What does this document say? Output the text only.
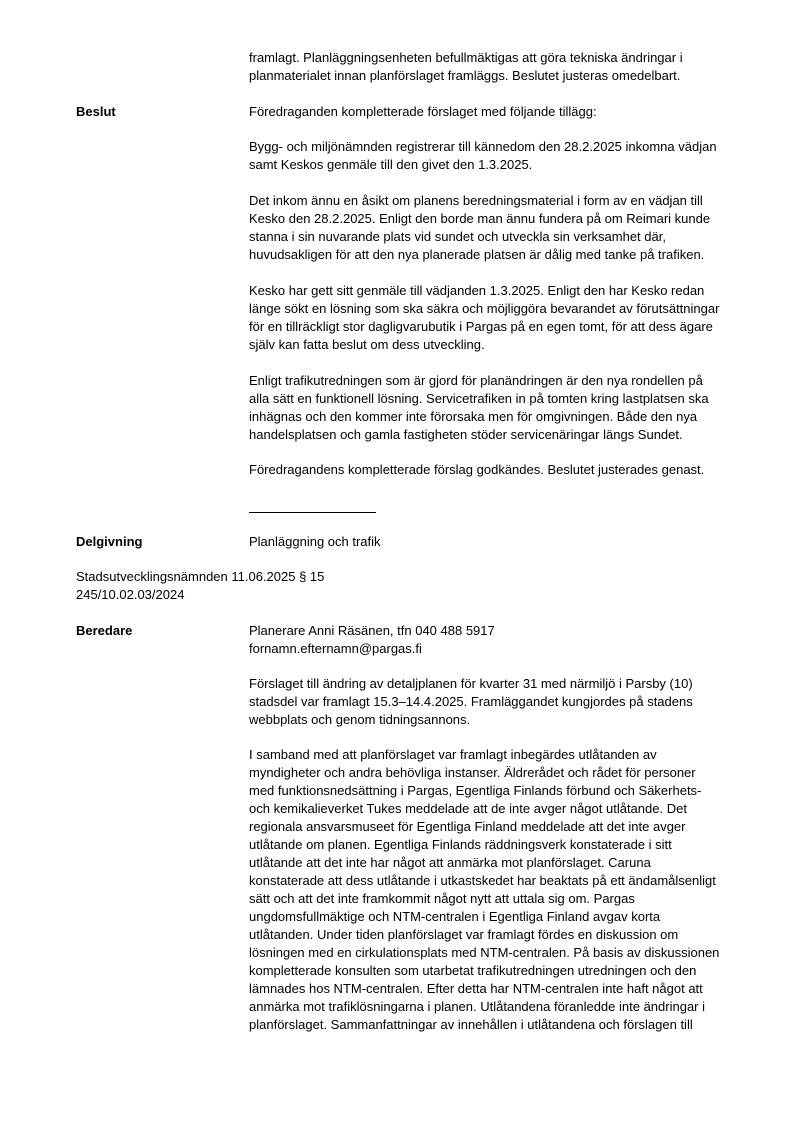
framlagt. Planläggningsenheten befullmäktigas att göra tekniska ändringar i
planmaterialet innan planförslaget framläggs. Beslutet justeras omedelbart.
Beslut	Föredraganden kompletterade förslaget med följande tillägg:
Bygg- och miljönämnden registrerar till kännedom den 28.2.2025 inkomna vädjan
samt Keskos genmäle till den givet den 1.3.2025.
Det inkom ännu en åsikt om planens beredningsmaterial i form av en vädjan till
Kesko den 28.2.2025. Enligt den borde man ännu fundera på om Reimari kunde
stanna i sin nuvarande plats vid sundet och utveckla sin verksamhet där,
huvudsakligen för att den nya planerade platsen är dålig med tanke på trafiken.
Kesko har gett sitt genmäle till vädjanden 1.3.2025. Enligt den har Kesko redan
länge sökt en lösning som ska säkra och möjliggöra bevarandet av förutsättningar
för en tillräckligt stor dagligvarubutik i Pargas på en egen tomt, för att dess ägare
själv kan fatta beslut om dess utveckling.
Enligt trafikutredningen som är gjord för planändringen är den nya rondellen på
alla sätt en funktionell lösning. Servicetrafiken in på tomten kring lastplatsen ska
inhägnas och den kommer inte förorsaka men för omgivningen. Både den nya
handelsplatsen och gamla fastigheten stöder servicenäringar längs Sundet.
Föredragandens kompletterade förslag godkändes. Beslutet justerades genast.
Delgivning	Planläggning och trafik
Stadsutvecklingsnämnden 11.06.2025 § 15
245/10.02.03/2024
Beredare	Planerare Anni Räsänen, tfn 040 488 5917
fornamn.efternamn@pargas.fi
Förslaget till ändring av detaljplanen för kvarter 31 med närmiljö i Parsby (10)
stadsdel var framlagt 15.3–14.4.2025. Framläggandet kungjordes på stadens
webbplats och genom tidningsannons.
I samband med att planförslaget var framlagt inbegärdes utlåtanden av
myndigheter och andra behövliga instanser. Äldrerådet och rådet för personer
med funktionsnedsättning i Pargas, Egentliga Finlands förbund och Säkerhets-
och kemikalieverket Tukes meddelade att de inte avger något utlåtande. Det
regionala ansvarsmuseet för Egentliga Finland meddelade att det inte avger
utlåtande om planen. Egentliga Finlands räddningsverk konstaterade i sitt
utlåtande att det inte har något att anmärka mot planförslaget. Caruna
konstaterade att dess utlåtande i utkastskedet har beaktats på ett ändamålsenligt
sätt och att det inte framkommit något nytt att uttala sig om. Pargas
ungdomsfullmäktige och NTM-centralen i Egentliga Finland avgav korta
utlåtanden. Under tiden planförslaget var framlagt fördes en diskussion om
lösningen med en cirkulationsplats med NTM-centralen. På basis av diskussionen
kompletterade konsulten som utarbetat trafikutredningen utredningen och den
lämnades hos NTM-centralen. Efter detta har NTM-centralen inte haft något att
anmärka mot trafiklösningarna i planen. Utlåtandena föranledde inte ändringar i
planförslaget. Sammanfattningar av innehållen i utlåtandena och förslagen till
